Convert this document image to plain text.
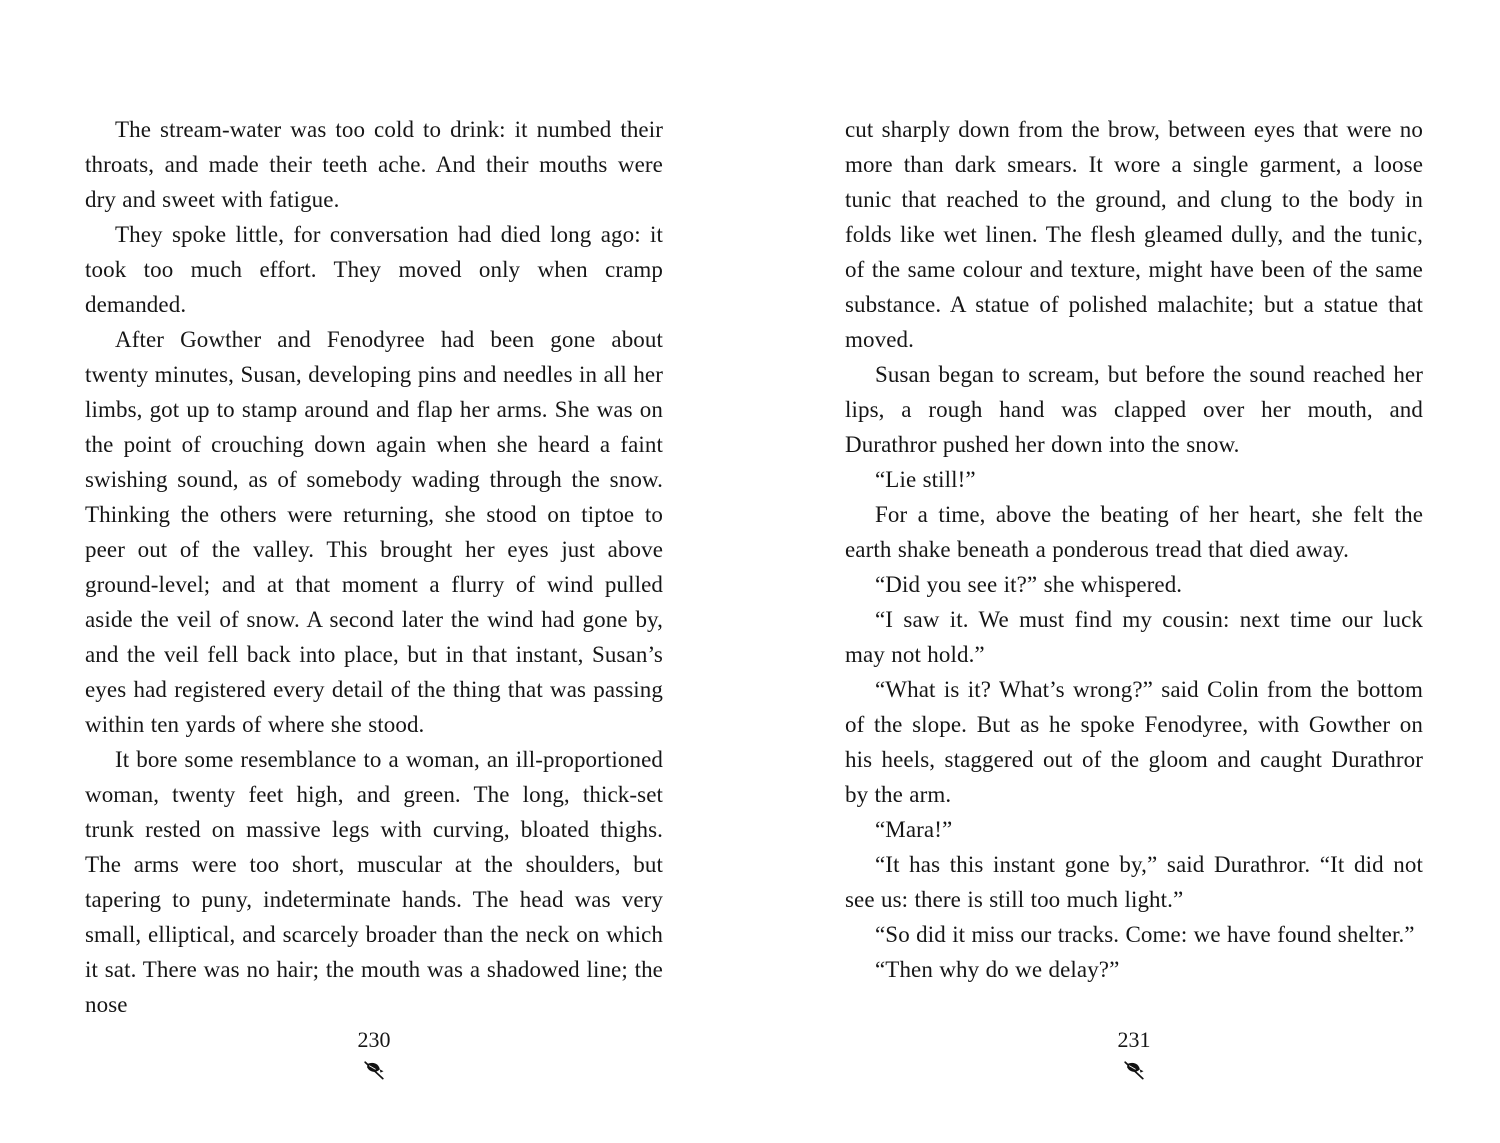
The stream-water was too cold to drink: it numbed their throats, and made their teeth ache. And their mouths were dry and sweet with fatigue.

They spoke little, for conversation had died long ago: it took too much effort. They moved only when cramp demanded.

After Gowther and Fenodyree had been gone about twenty minutes, Susan, developing pins and needles in all her limbs, got up to stamp around and flap her arms. She was on the point of crouching down again when she heard a faint swishing sound, as of somebody wading through the snow. Thinking the others were returning, she stood on tiptoe to peer out of the valley. This brought her eyes just above ground-level; and at that moment a flurry of wind pulled aside the veil of snow. A second later the wind had gone by, and the veil fell back into place, but in that instant, Susan’s eyes had registered every detail of the thing that was passing within ten yards of where she stood.

It bore some resemblance to a woman, an ill-proportioned woman, twenty feet high, and green. The long, thick-set trunk rested on massive legs with curving, bloated thighs. The arms were too short, muscular at the shoulders, but tapering to puny, indeterminate hands. The head was very small, elliptical, and scarcely broader than the neck on which it sat. There was no hair; the mouth was a shadowed line; the nose

230

cut sharply down from the brow, between eyes that were no more than dark smears. It wore a single garment, a loose tunic that reached to the ground, and clung to the body in folds like wet linen. The flesh gleamed dully, and the tunic, of the same colour and texture, might have been of the same substance. A statue of polished malachite; but a statue that moved.

Susan began to scream, but before the sound reached her lips, a rough hand was clapped over her mouth, and Durathror pushed her down into the snow.

“Lie still!”

For a time, above the beating of her heart, she felt the earth shake beneath a ponderous tread that died away.

“Did you see it?” she whispered.

“I saw it. We must find my cousin: next time our luck may not hold.”

“What is it? What’s wrong?” said Colin from the bottom of the slope. But as he spoke Fenodyree, with Gowther on his heels, staggered out of the gloom and caught Durathror by the arm.

“Mara!”

“It has this instant gone by,” said Durathror. “It did not see us: there is still too much light.”

“So did it miss our tracks. Come: we have found shelter.”

“Then why do we delay?”

231
